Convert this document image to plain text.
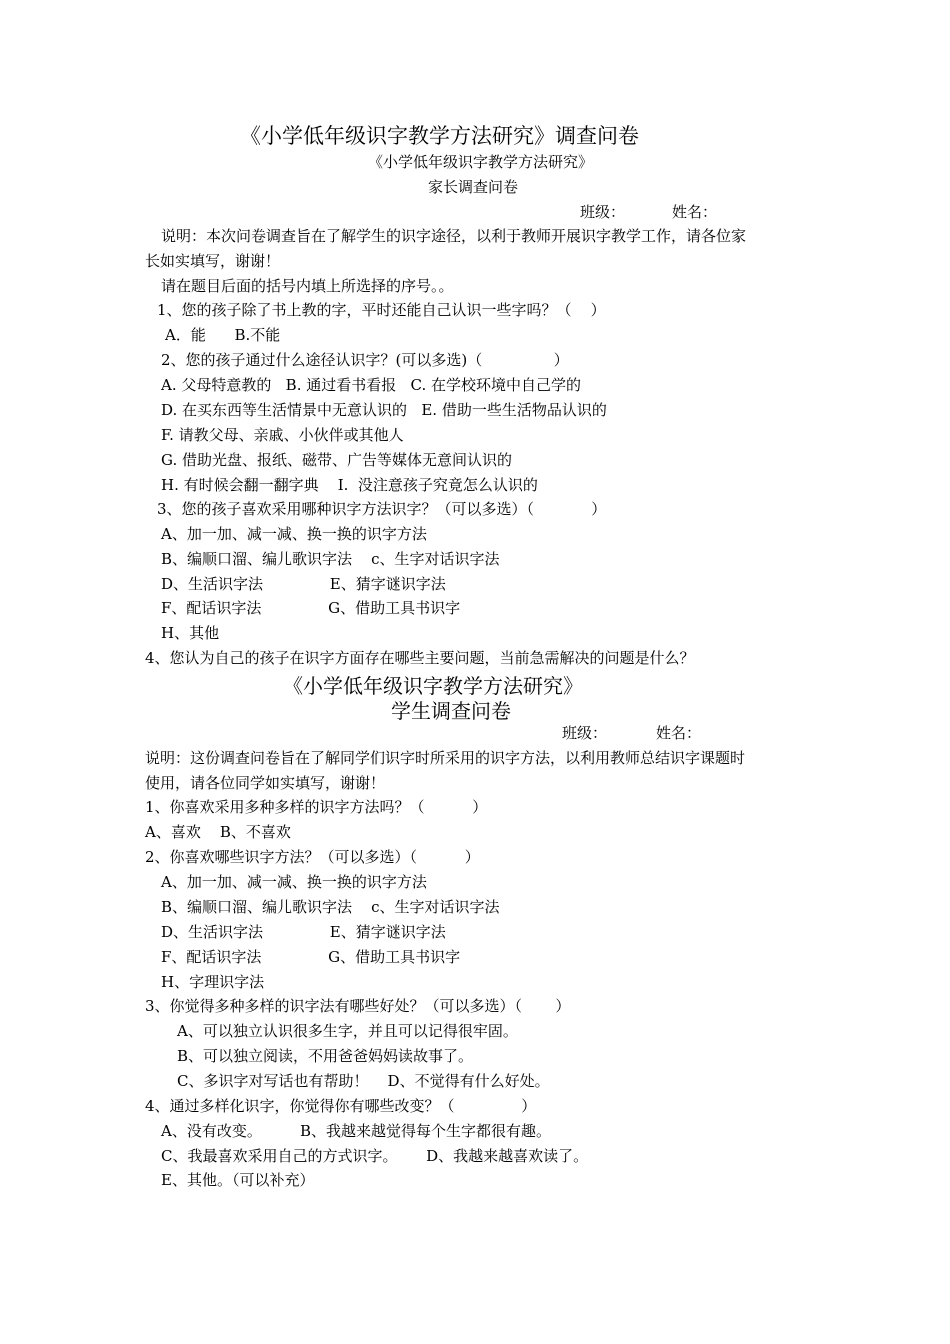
《小学低年级识字教学方法研究》调查问卷
《小学低年级识字教学方法研究》
家长调查问卷
班级：	姓名：
说明：本次问卷调查旨在了解学生的识字途径，以利于教师开展识字教学工作，请各位家
长如实填写，谢谢！
请在题目后面的括号内填上所选择的序号。。
1、您的孩子除了书上教的字，平时还能自己认识一些字吗？（    ）
A．能      B.不能
2、您的孩子通过什么途径认识字？(可以多选)（               ）
A. 父母特意教的   B. 通过看书看报   C. 在学校环境中自己学的
D. 在买东西等生活情景中无意认识的   E. 借助一些生活物品认识的
F. 请教父母、亲戚、小伙伴或其他人
G. 借助光盘、报纸、磁带、广告等媒体无意间认识的
H. 有时候会翻一翻字典    I.  没注意孩子究竟怎么认识的
3、您的孩子喜欢采用哪种识字方法识字？（可以多选）（            ）
A、加一加、减一减、换一换的识字方法
B、编顺口溜、编儿歌识字法    c、生字对话识字法
D、生活识字法              E、猜字谜识字法
F、配话识字法              G、借助工具书识字
H、其他
4、您认为自己的孩子在识字方面存在哪些主要问题，当前急需解决的问题是什么？
《小学低年级识字教学方法研究》
学生调查问卷
班级：	姓名：
说明：这份调查问卷旨在了解同学们识字时所采用的识字方法，以利用教师总结识字课题时
使用，请各位同学如实填写，谢谢！
1、你喜欢采用多种多样的识字方法吗？（          ）
A、喜欢    B、不喜欢
2、你喜欢哪些识字方法？（可以多选）（          ）
A、加一加、减一减、换一换的识字方法
B、编顺口溜、编儿歌识字法    c、生字对话识字法
D、生活识字法              E、猜字谜识字法
F、配话识字法              G、借助工具书识字
H、字理识字法
3、你觉得多种多样的识字法有哪些好处？（可以多选）（       ）
A、可以独立认识很多生字，并且可以记得很牢固。
B、可以独立阅读，不用爸爸妈妈读故事了。
C、多识字对写话也有帮助！    D、不觉得有什么好处。
4、通过多样化识字，你觉得你有哪些改变？（              ）
A、没有改变。        B、我越来越觉得每个生字都很有趣。
C、我最喜欢采用自己的方式识字。      D、我越来越喜欢读了。
E、其他。（可以补充）
